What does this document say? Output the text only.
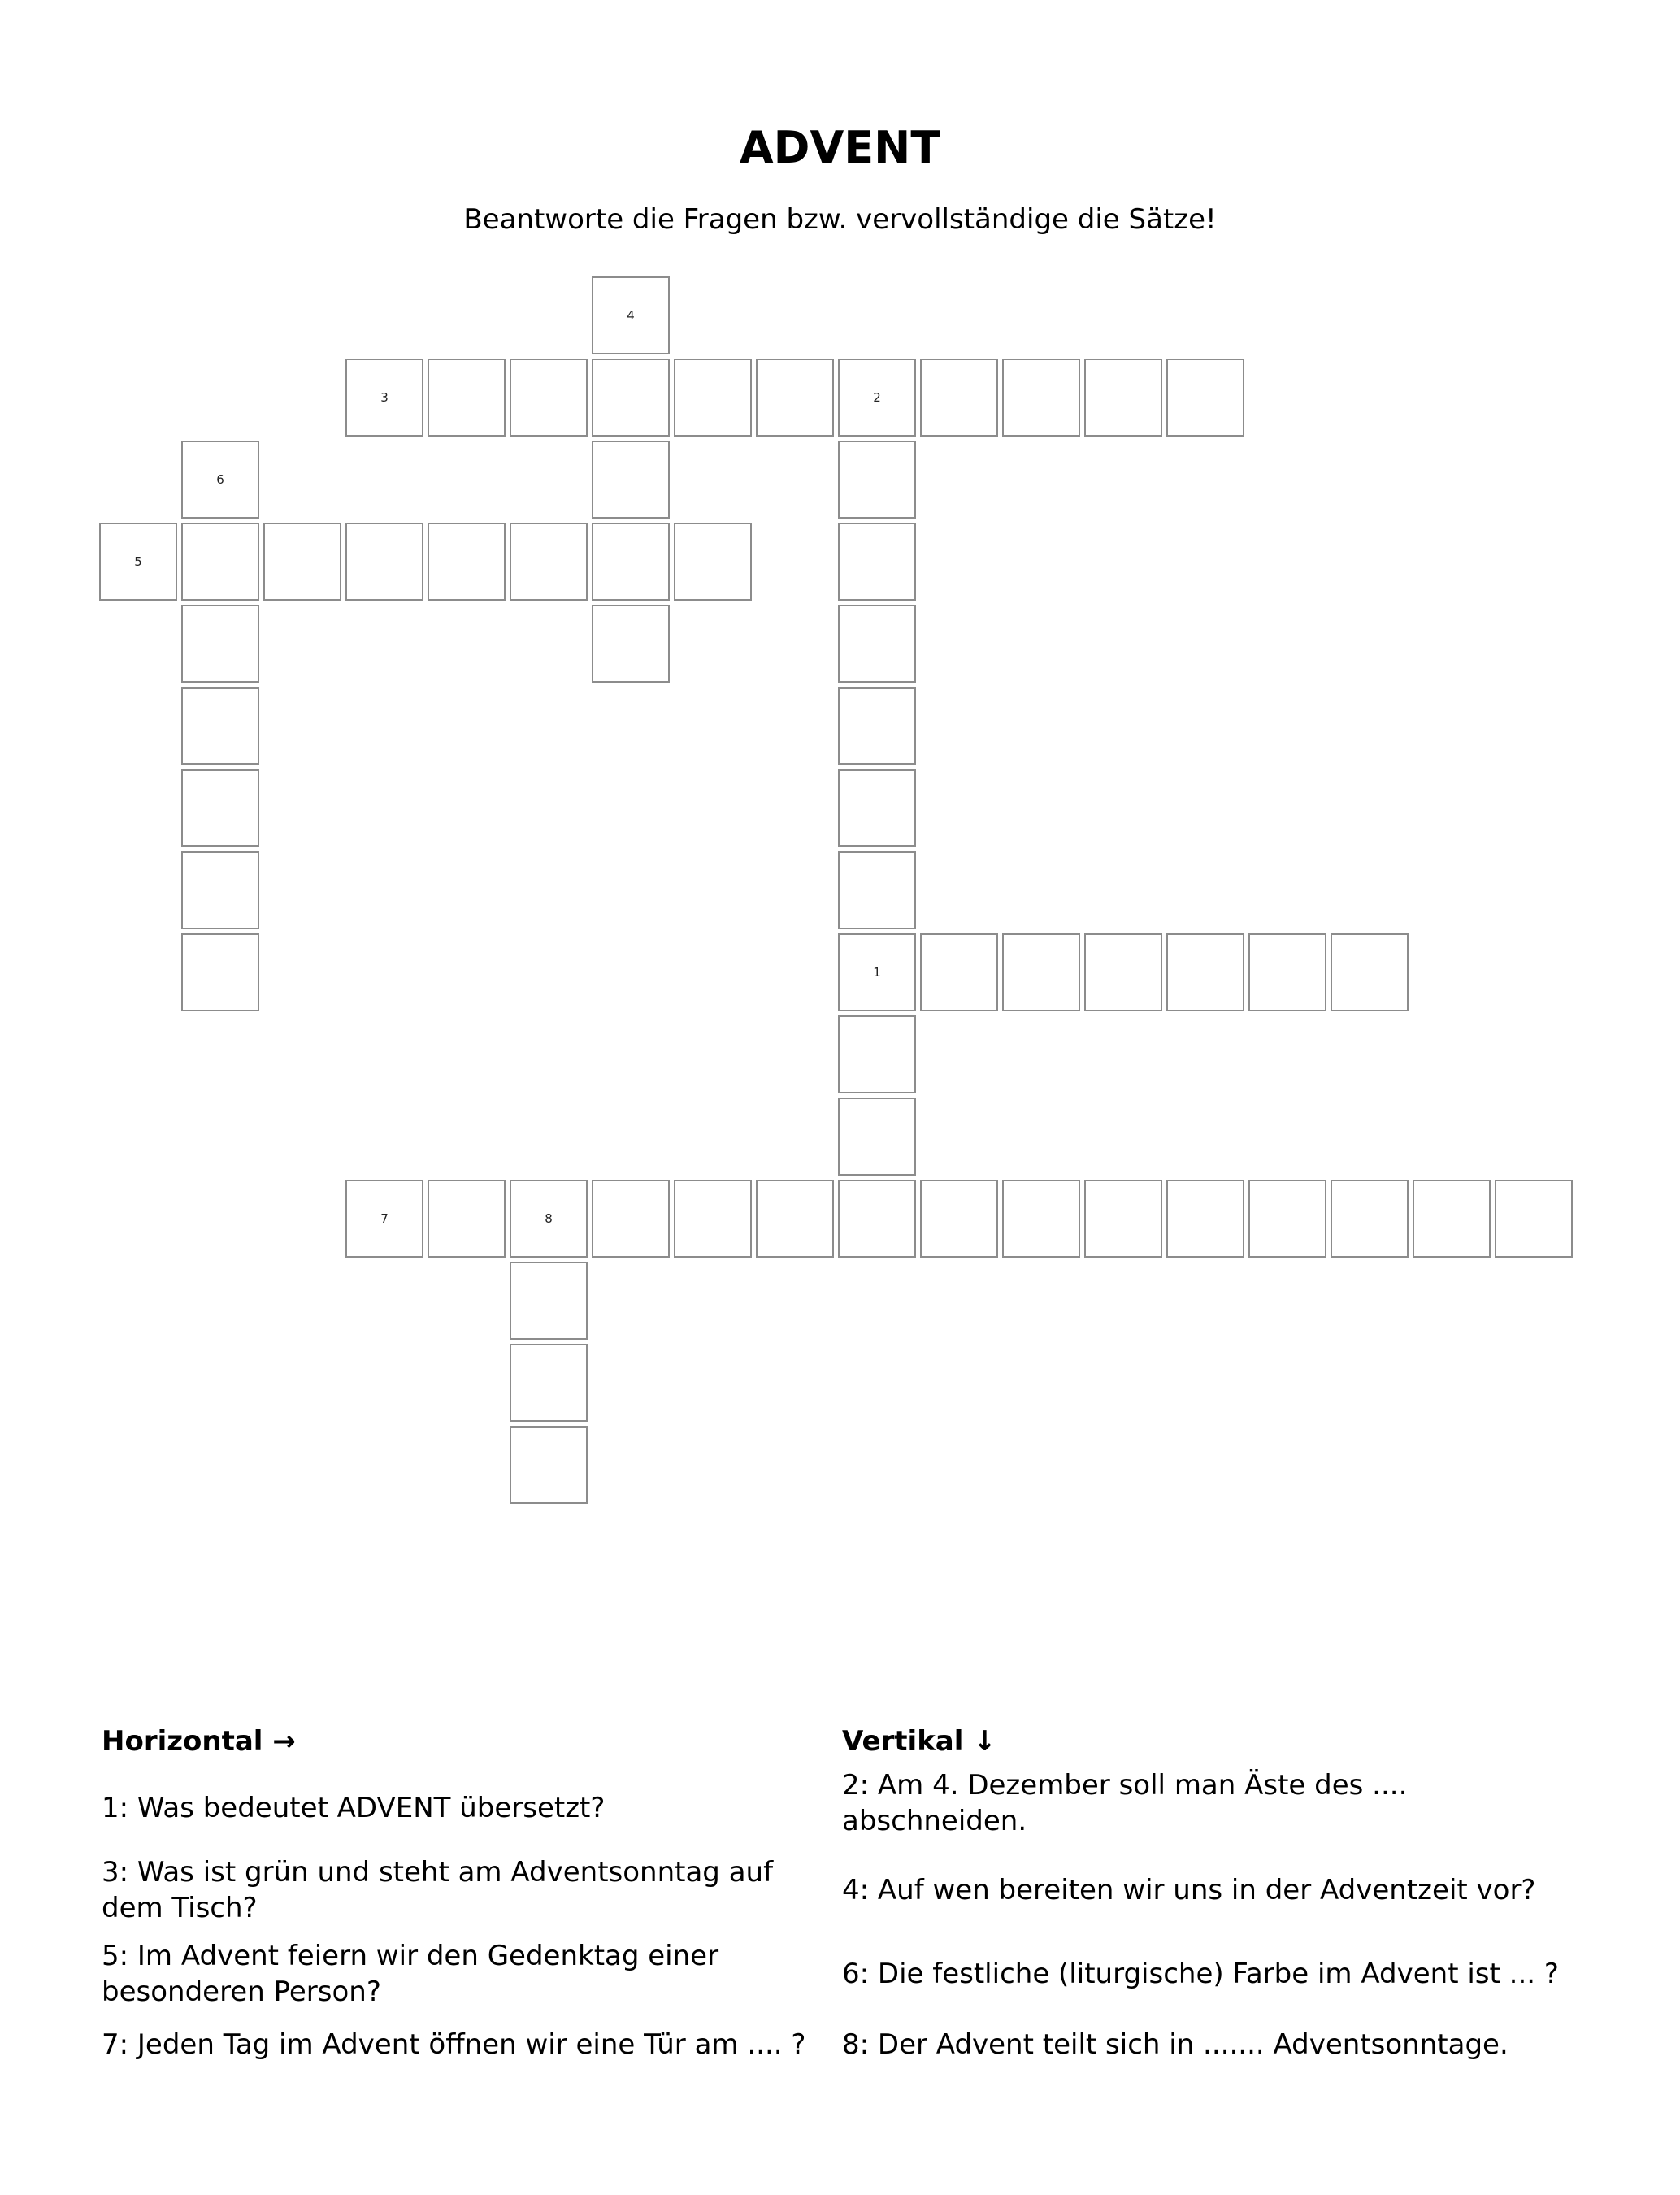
ADVENT
Beantworte die Fragen bzw. vervollständige die Sätze!
1
2
3
4
5
6
7	8
Horizontal →	Vertikal ↓
1: Was bedeutet ADVENT übersetzt?
3: Was ist grün und steht am Adventsonntag auf dem Tisch?
5: Im Advent feiern wir den Gedenktag einer besonderen Person?
7: Jeden Tag im Advent öffnen wir eine Tür am .... ?
2: Am 4. Dezember soll man Äste des .... abschneiden.
4: Auf wen bereiten wir uns in der Adventzeit vor?
6: Die festliche (liturgische) Farbe im Advent ist ... ?
8: Der Advent teilt sich in ....... Adventsonntage.
